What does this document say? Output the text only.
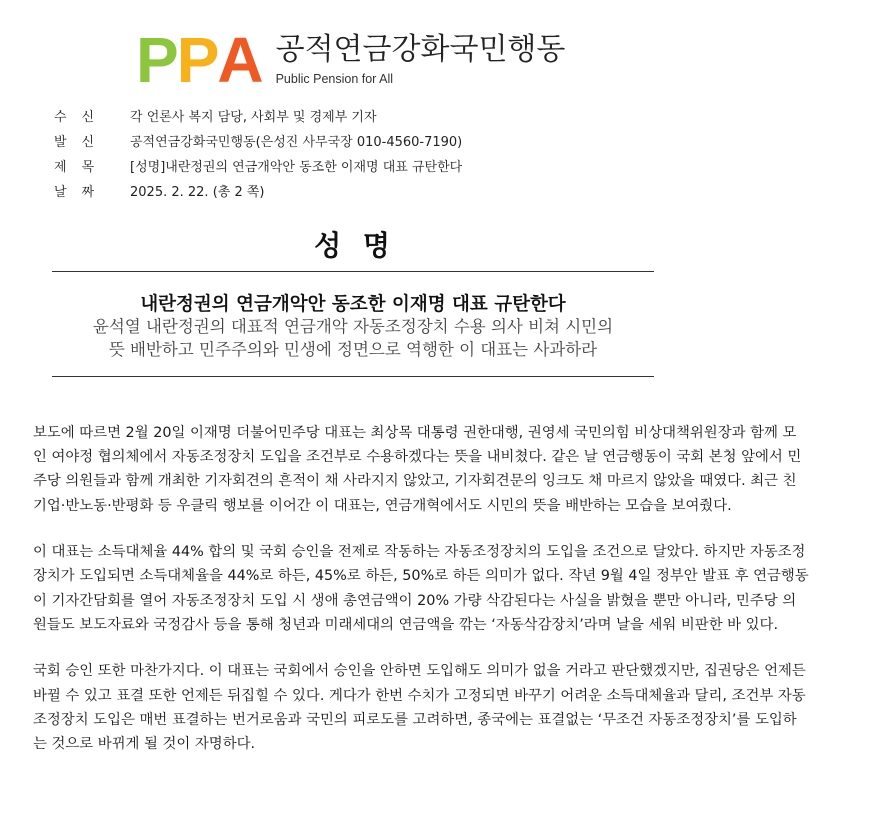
P P A 공적연금강화국민행동
Public Pension for All
수신	각 언론사 복지 담당, 사회부 및 경제부 기자
발신	공적연금강화국민행동(은성진 사무국장 010-4560-7190)
제목	[성명]내란정권의 연금개악안 동조한 이재명 대표 규탄한다
날짜	2025. 2. 22. (총 2 쪽)
성 명
내란정권의 연금개악안 동조한 이재명 대표 규탄한다
윤석열 내란정권의 대표적 연금개악 자동조정장치 수용 의사 비쳐 시민의
뜻 배반하고 민주주의와 민생에 정면으로 역행한 이 대표는 사과하라
보도에 따르면 2월 20일 이재명 더불어민주당 대표는 최상목 대통령 권한대행, 권영세 국민의힘 비상대책위원장과 함께 모
인 여야정 협의체에서 자동조정장치 도입을 조건부로 수용하겠다는 뜻을 내비쳤다. 같은 날 연금행동이 국회 본청 앞에서 민
주당 의원들과 함께 개최한 기자회견의 흔적이 채 사라지지 않았고, 기자회견문의 잉크도 채 마르지 않았을 때였다. 최근 친
기업·반노동·반평화 등 우클릭 행보를 이어간 이 대표는, 연금개혁에서도 시민의 뜻을 배반하는 모습을 보여줬다.
이 대표는 소득대체율 44% 합의 및 국회 승인을 전제로 작동하는 자동조정장치의 도입을 조건으로 달았다. 하지만 자동조정
장치가 도입되면 소득대체율을 44%로 하든, 45%로 하든, 50%로 하든 의미가 없다. 작년 9월 4일 정부안 발표 후 연금행동
이 기자간담회를 열어 자동조정장치 도입 시 생애 총연금액이 20% 가량 삭감된다는 사실을 밝혔을 뿐만 아니라, 민주당 의
원들도 보도자료와 국정감사 등을 통해 청년과 미래세대의 연금액을 깎는 ‘자동삭감장치’라며 날을 세워 비판한 바 있다.
국회 승인 또한 마찬가지다. 이 대표는 국회에서 승인을 안하면 도입해도 의미가 없을 거라고 판단했겠지만, 집권당은 언제든
바뀔 수 있고 표결 또한 언제든 뒤집힐 수 있다. 게다가 한번 수치가 고정되면 바꾸기 어려운 소득대체율과 달리, 조건부 자동
조정장치 도입은 매번 표결하는 번거로움과 국민의 피로도를 고려하면, 종국에는 표결없는 ‘무조건 자동조정장치’를 도입하
는 것으로 바뀌게 될 것이 자명하다.
